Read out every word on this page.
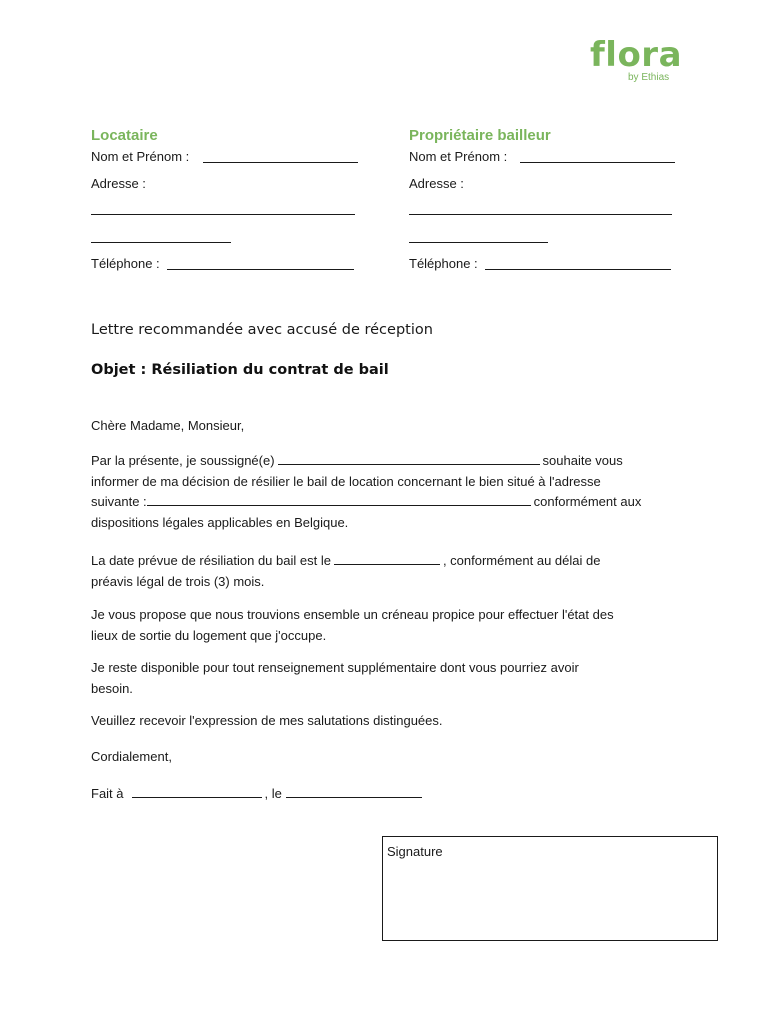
flora
by Ethias
Locataire
Nom et Prénom :
Adresse :
Téléphone :
Propriétaire bailleur
Nom et Prénom :
Adresse :
Téléphone :
Lettre recommandée avec accusé de réception
Objet : Résiliation du contrat de bail
Chère Madame, Monsieur,

Par la présente, je soussigné(e)	souhaite vous

informer de ma décision de résilier le bail de location concernant le bien situé à l'adresse

suivante :	conformément aux

dispositions légales applicables en Belgique.

La date prévue de résiliation du bail est le	, conformément au délai de

préavis légal de trois (3) mois.

Je vous propose que nous trouvions ensemble un créneau propice pour effectuer l'état des

lieux de sortie du logement que j'occupe.

Je reste disponible pour tout renseignement supplémentaire dont vous pourriez avoir

besoin.

Veuillez recevoir l'expression de mes salutations distinguées.
Cordialement,
Fait à	, le
Signature
